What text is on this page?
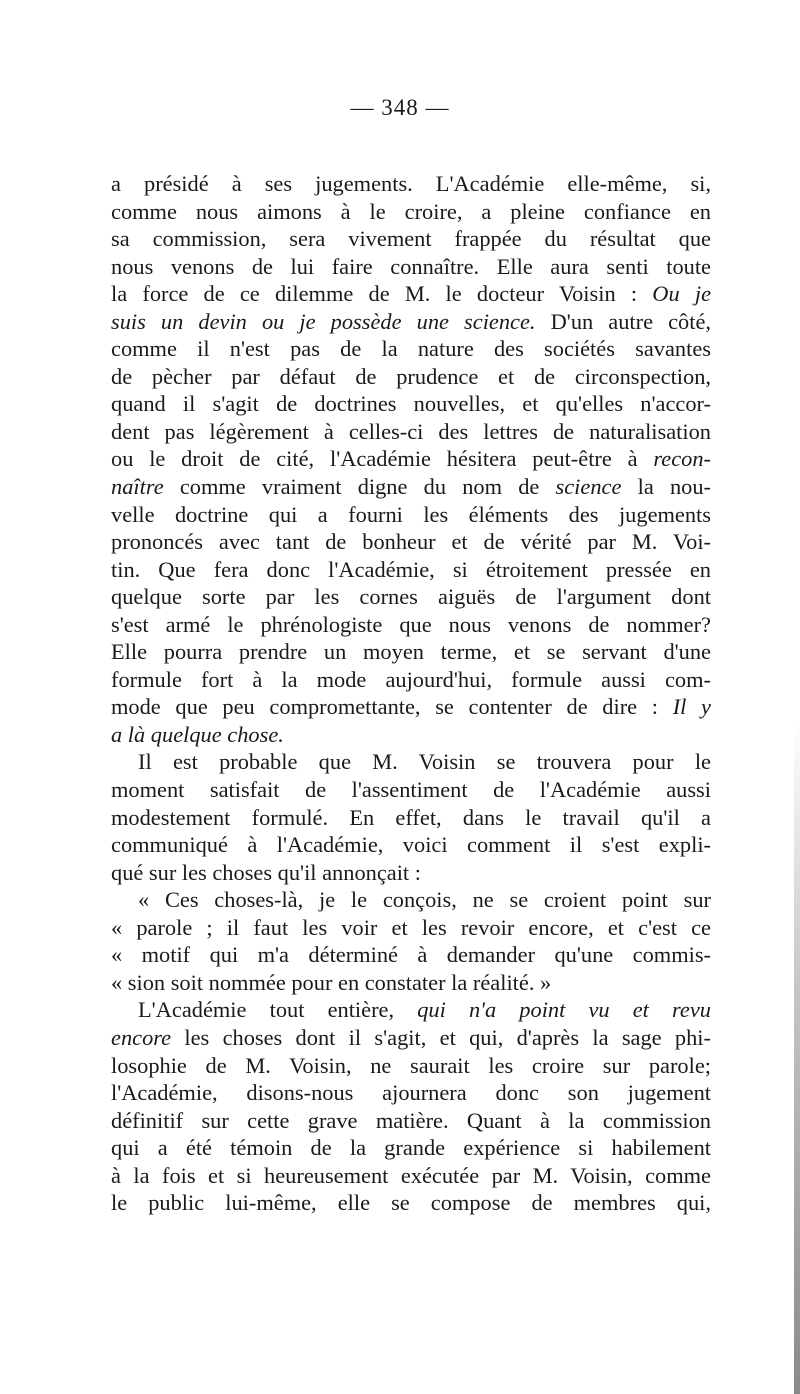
— 348 —
a présidé à ses jugements. L'Académie elle-même, si,
comme nous aimons à le croire, a pleine confiance en
sa commission, sera vivement frappée du résultat que
nous venons de lui faire connaître. Elle aura senti toute
la force de ce dilemme de M. le docteur Voisin : Ou je
suis un devin ou je possède une science. D'un autre côté,
comme il n'est pas de la nature des sociétés savantes
de pècher par défaut de prudence et de circonspection,
quand il s'agit de doctrines nouvelles, et qu'elles n'accor-
dent pas légèrement à celles-ci des lettres de naturalisation
ou le droit de cité, l'Académie hésitera peut-être à recon-
naître comme vraiment digne du nom de science la nou-
velle doctrine qui a fourni les éléments des jugements
prononcés avec tant de bonheur et de vérité par M. Voi-
tin. Que fera donc l'Académie, si étroitement pressée en
quelque sorte par les cornes aiguës de l'argument dont
s'est armé le phrénologiste que nous venons de nommer?
Elle pourra prendre un moyen terme, et se servant d'une
formule fort à la mode aujourd'hui, formule aussi com-
mode que peu compromettante, se contenter de dire : Il y
a là quelque chose.
Il est probable que M. Voisin se trouvera pour le
moment satisfait de l'assentiment de l'Académie aussi
modestement formulé. En effet, dans le travail qu'il a
communiqué à l'Académie, voici comment il s'est expli-
qué sur les choses qu'il annonçait :
« Ces choses-là, je le conçois, ne se croient point sur
« parole ; il faut les voir et les revoir encore, et c'est ce
« motif qui m'a déterminé à demander qu'une commis-
« sion soit nommée pour en constater la réalité. »
L'Académie tout entière, qui n'a point vu et revu
encore les choses dont il s'agit, et qui, d'après la sage phi-
losophie de M. Voisin, ne saurait les croire sur parole;
l'Académie, disons-nous ajournera donc son jugement
définitif sur cette grave matière. Quant à la commission
qui a été témoin de la grande expérience si habilement
à la fois et si heureusement exécutée par M. Voisin, comme
le public lui-même, elle se compose de membres qui,
